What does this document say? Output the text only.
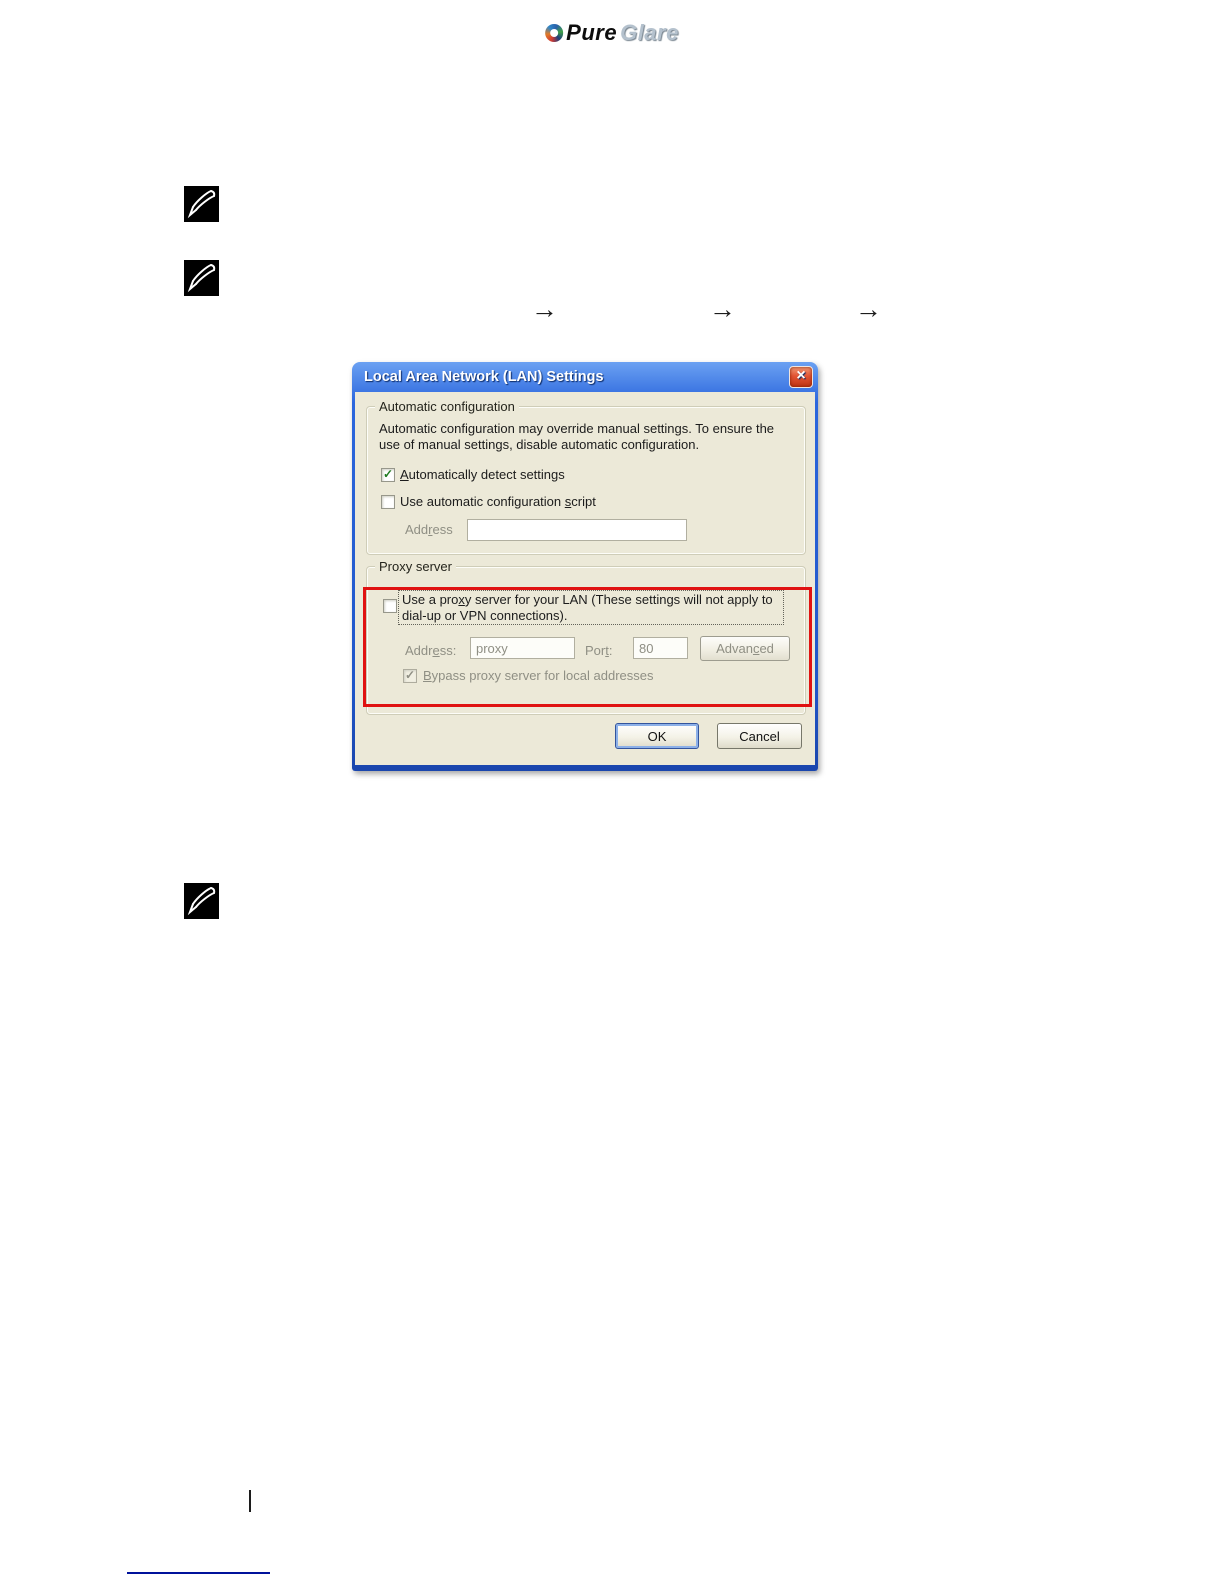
Pure Glare
→	→	→
Local Area Network (LAN) Settings	×
Automatic configuration
Automatic configuration may override manual settings. To ensure the
use of manual settings, disable automatic configuration.
✓ Automatically detect settings
Use automatic configuration script
Address
Proxy server
Use a proxy server for your LAN (These settings will not apply to
dial-up or VPN connections).
Address:
proxy	Port:
80	Advanced
✓ Bypass proxy server for local addresses
OK	Cancel
